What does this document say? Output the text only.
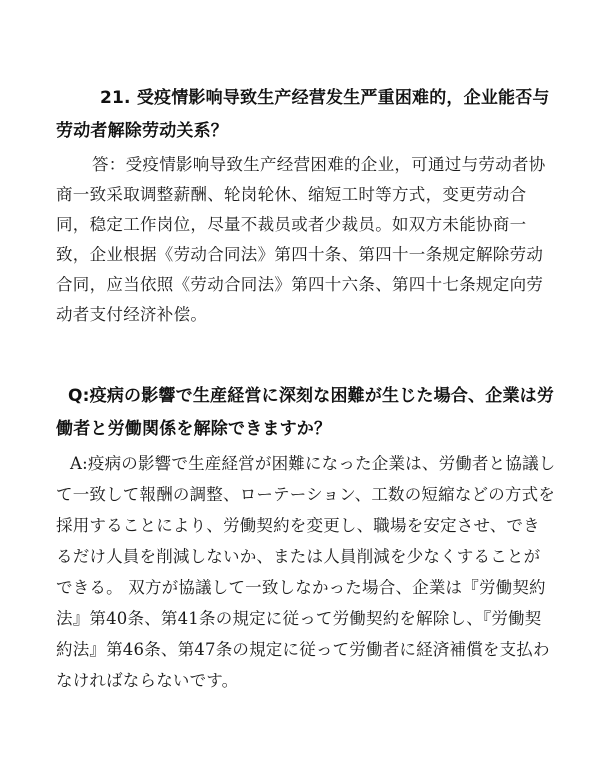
21. 受疫情影响导致生产经营发生严重困难的，企业能否与劳动者解除劳动关系？

答：受疫情影响导致生产经营困难的企业，可通过与劳动者协商一致采取调整薪酬、轮岗轮休、缩短工时等方式，变更劳动合同，稳定工作岗位，尽量不裁员或者少裁员。如双方未能协商一致，企业根据《劳动合同法》第四十条、第四十一条规定解除劳动合同，应当依照《劳动合同法》第四十六条、第四十七条规定向劳动者支付经济补偿。

Q:疫病の影響で生産経営に深刻な困難が生じた場合、企業は労働者と労働関係を解除できますか？

A:疫病の影響で生産経営が困難になった企業は、労働者と協議して一致して報酬の調整、ローテーション、工数の短縮などの方式を採用することにより、労働契約を変更し、職場を安定させ、できるだけ人員を削減しないか、または人員削減を少なくすることができる。 双方が協議して一致しなかった場合、企業は『労働契約法』第40条、第41条の規定に従って労働契約を解除し、『労働契約法』第46条、第47条の規定に従って労働者に経済補償を支払わなければならないです。
